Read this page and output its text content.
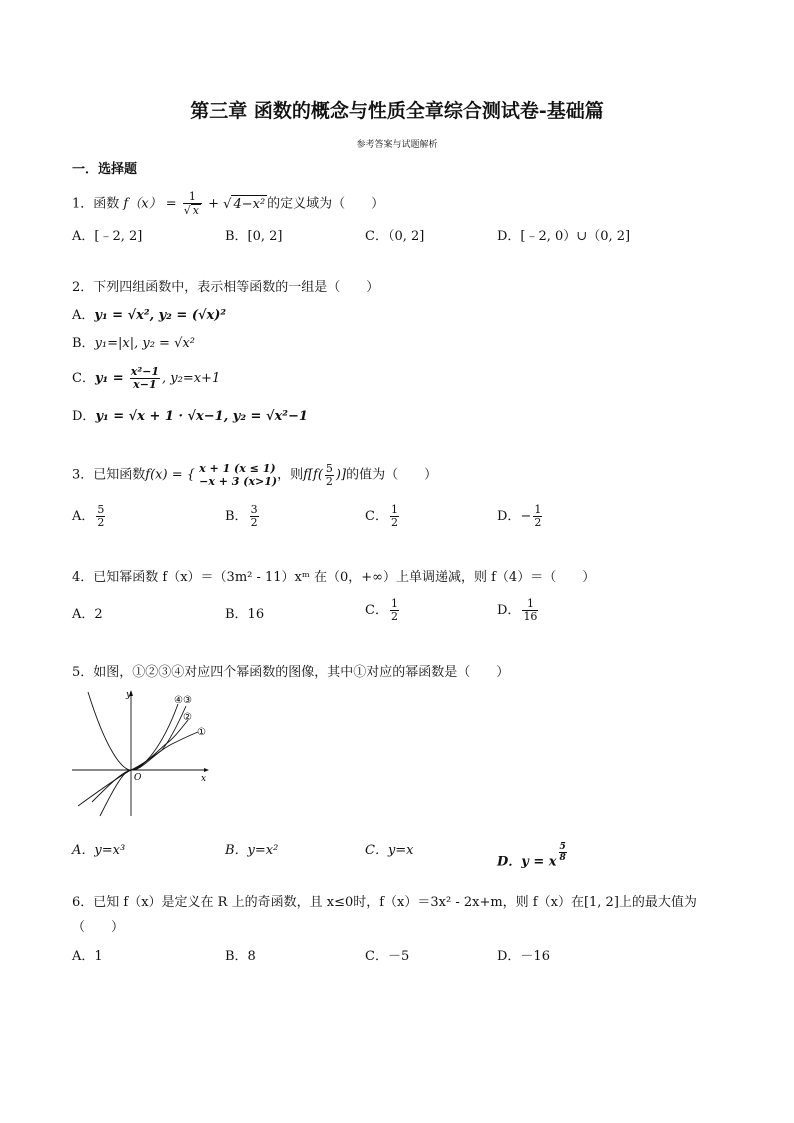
第三章 函数的概念与性质全章综合测试卷-基础篇
参考答案与试题解析
一．选择题
1．函数 $f(x) = \frac{1}{√ x}$ + √ 4−x² 的定义域为（　　）
A．[﹣2, 2]	B．[0, 2]	C．（0, 2]	D．[﹣2, 0）∪（0, 2]
2．下列四组函数中，表示相等函数的一组是（　　）
A．y₁ = √x², y₂ = (√x)²
B．y₁=|x|, y₂ = √x²
C．$y_1 = \frac{\text{x²−1}}{x-1}$ , y₂=x+1
D．y₁ = √x + 1 · √x−1, y₂ = √x²−1
3．已知函数f(x) = { x + 1 (x ≤ 1)
−x + 3 (x>1) ，则$f[f( \frac{5}{2}$ )]的值为（　　）
A． $\frac{5}{2}$	B． $\frac{3}{2}$	C． $\frac{1}{2}$	D．− $\frac{1}{2}$
4．已知幂函数 f（x）＝（3m² - 11）xᵐ 在（0，+∞）上单调递减，则 f（4）＝（　　）
A．2	B．16	C． $\frac{1}{2}$	D． $\frac{1}{16}$
5．如图，①②③④对应四个幂函数的图像，其中①对应的幂函数是（　　）
x
y
O
④ ③
②
①
A．y=x³	B．y=x²	C．y=x
D．y = x $\frac{5}{8}$
6．已知 f（x）是定义在 R 上的奇函数，且 x≤0时，f（x）＝3x² - 2x+m，则 f（x）在[1, 2]上的最大值为
（　　）
A．1	B．8	C．－5	D．－16
